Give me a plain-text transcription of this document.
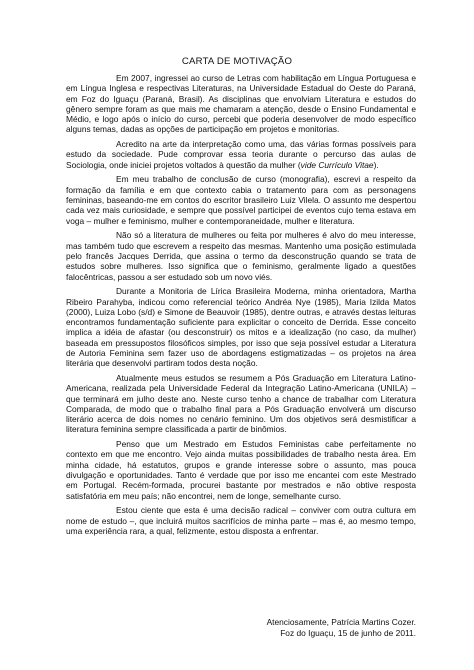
CARTA DE MOTIVAÇÃO

Em 2007, ingressei ao curso de Letras com habilitação em Língua Portuguesa e em Língua Inglesa e respectivas Literaturas, na Universidade Estadual do Oeste do Paraná, em Foz do Iguaçu (Paraná, Brasil). As disciplinas que envolviam Literatura e estudos do gênero sempre foram as que mais me chamaram a atenção, desde o Ensino Fundamental e Médio, e logo após o início do curso, percebi que poderia desenvolver de modo específico alguns temas, dadas as opções de participação em projetos e monitorias.

Acredito na arte da interpretação como uma, das várias formas possíveis para estudo da sociedade. Pude comprovar essa teoria durante o percurso das aulas de Sociologia, onde iniciei projetos voltados à questão da mulher (vide Currículo Vitae).

Em meu trabalho de conclusão de curso (monografia), escrevi a respeito da formação da família e em que contexto cabia o tratamento para com as personagens femininas, baseando-me em contos do escritor brasileiro Luiz Vilela. O assunto me despertou cada vez mais curiosidade, e sempre que possível participei de eventos cujo tema estava em voga – mulher e feminismo, mulher e contemporaneidade, mulher e literatura.

Não só a literatura de mulheres ou feita por mulheres é alvo do meu interesse, mas também tudo que escrevem a respeito das mesmas. Mantenho uma posição estimulada pelo francês Jacques Derrida, que assina o termo da desconstrução quando se trata de estudos sobre mulheres. Isso significa que o feminismo, geralmente ligado a questões falocêntricas, passou a ser estudado sob um novo viés.

Durante a Monitoria de Lírica Brasileira Moderna, minha orientadora, Martha Ribeiro Parahyba, indicou como referencial teórico Andréa Nye (1985), Maria Izilda Matos (2000), Luiza Lobo (s/d) e Simone de Beauvoir (1985), dentre outras, e através destas leituras encontramos fundamentação suficiente para explicitar o conceito de Derrida. Esse conceito implica a idéia de afastar (ou desconstruir) os mitos e a idealização (no caso, da mulher) baseada em pressupostos filosóficos simples, por isso que seja possível estudar a Literatura de Autoria Feminina sem fazer uso de abordagens estigmatizadas – os projetos na área literária que desenvolvi partiram todos desta noção.

Atualmente meus estudos se resumem a Pós Graduação em Literatura Latino-Americana, realizada pela Universidade Federal da Integração Latino-Americana (UNILA) – que terminará em julho deste ano. Neste curso tenho a chance de trabalhar com Literatura Comparada, de modo que o trabalho final para a Pós Graduação envolverá um discurso literário acerca de dois nomes no cenário feminino. Um dos objetivos será desmistificar a literatura feminina sempre classificada a partir de binômios.

Penso que um Mestrado em Estudos Feministas cabe perfeitamente no contexto em que me encontro. Vejo ainda muitas possibilidades de trabalho nesta área. Em minha cidade, há estatutos, grupos e grande interesse sobre o assunto, mas pouca divulgação e oportunidades. Tanto é verdade que por isso me encantei com este Mestrado em Portugal. Recém-formada, procurei bastante por mestrados e não obtive resposta satisfatória em meu país; não encontrei, nem de longe, semelhante curso.

Estou ciente que esta é uma decisão radical – conviver com outra cultura em nome de estudo –, que incluirá muitos sacrifícios de minha parte – mas é, ao mesmo tempo, uma experiência rara, a qual, felizmente, estou disposta a enfrentar.

Atenciosamente, Patrícia Martins Cozer.
Foz do Iguaçu, 15 de junho de 2011.
